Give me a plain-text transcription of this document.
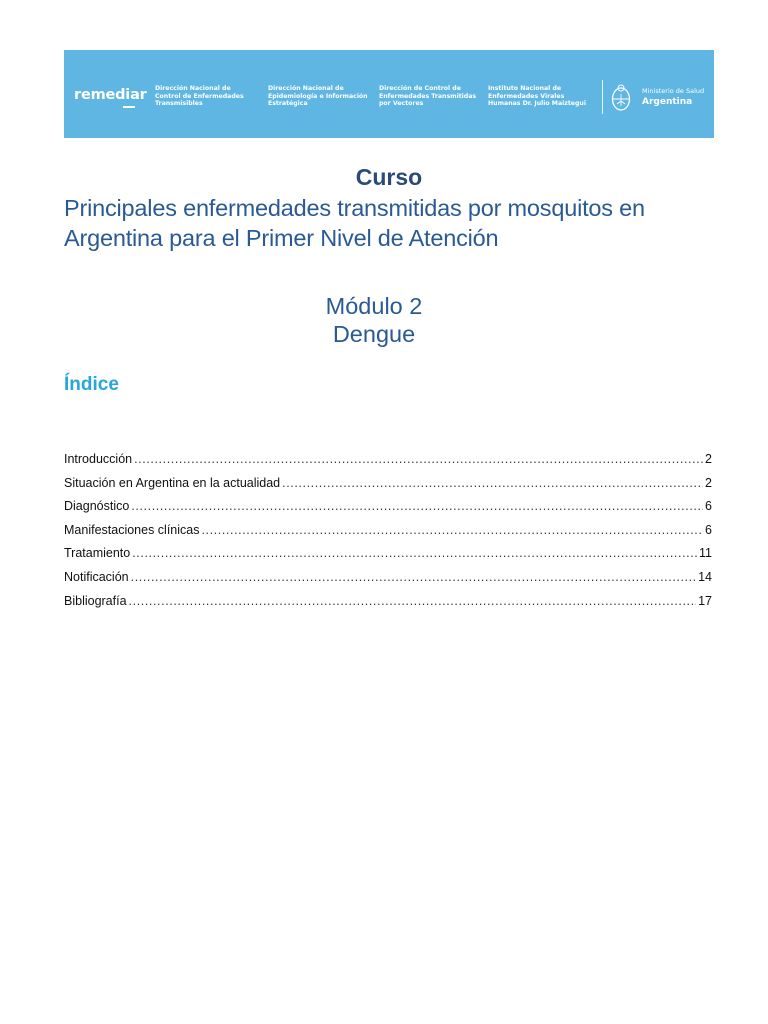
remediar Dirección Nacional de
Control de Enfermedades
Transmisibles
Dirección Nacional de
Epidemiología e Información
Estratégica
Dirección de Control de
Enfermedades Transmitidas
por Vectores
Instituto Nacional de
Enfermedades Virales
Humanas Dr. Julio Maiztegui
Ministerio de Salud
Argentina
Curso
Principales enfermedades transmitidas por mosquitos en
Argentina para el Primer Nivel de Atención
Módulo 2
Dengue
Índice
Introducción .....	2
Situación en Argentina en la actualidad .....	2
Diagnóstico .....	6
Manifestaciones clínicas .....	6
Tratamiento .....	11
Notificación .....	14
Bibliografía .....	17
